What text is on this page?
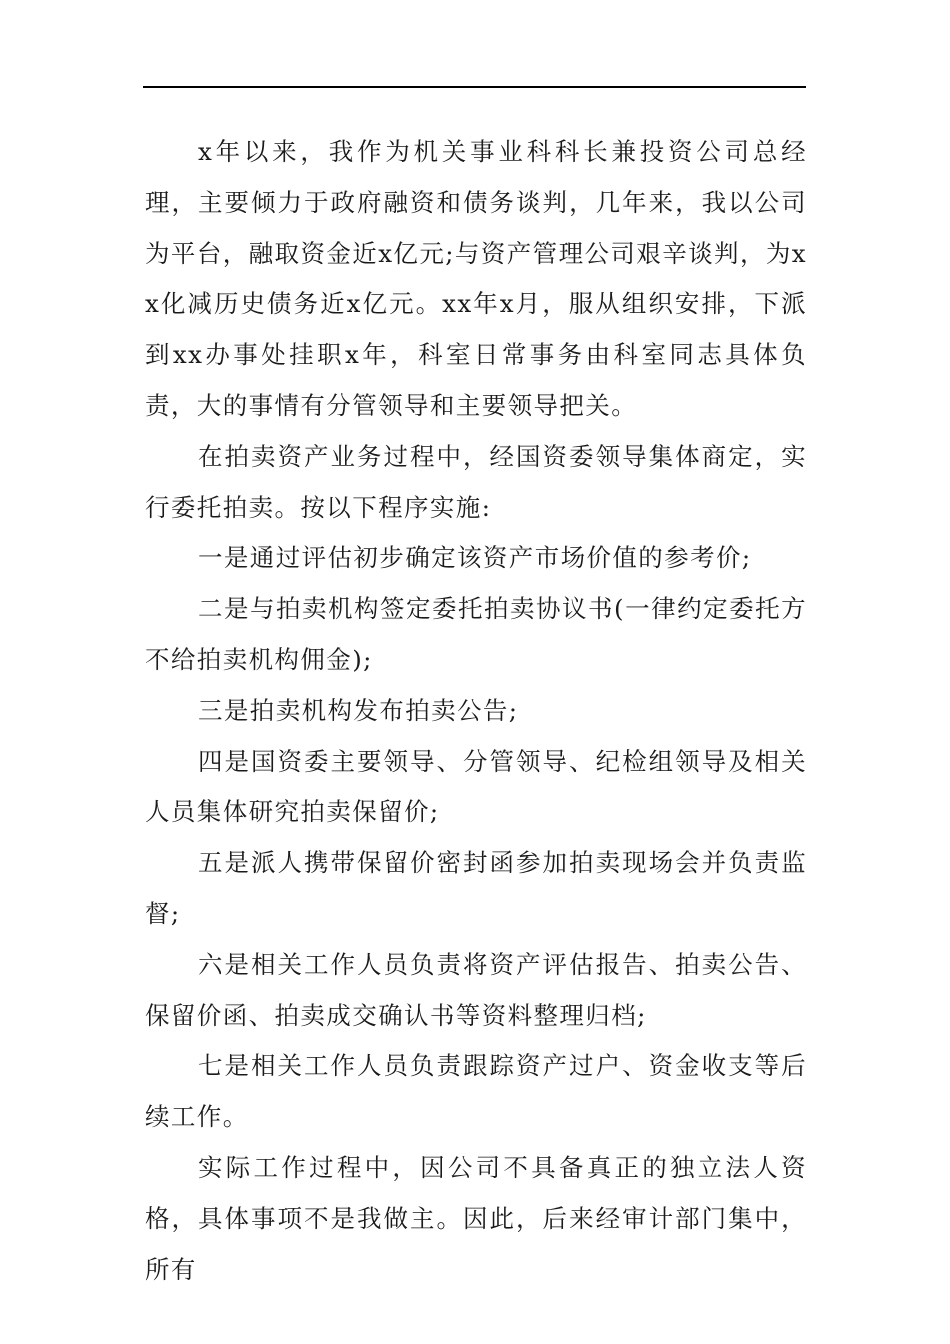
x年以来，我作为机关事业科科长兼投资公司总经理，主要倾力于政府融资和债务谈判，几年来，我以公司为平台，融取资金近x亿元;与资产管理公司艰辛谈判，为xx化减历史债务近x亿元。xx年x月，服从组织安排，下派到xx办事处挂职x年，科室日常事务由科室同志具体负责，大的事情有分管领导和主要领导把关。

在拍卖资产业务过程中，经国资委领导集体商定，实行委托拍卖。按以下程序实施:

一是通过评估初步确定该资产市场价值的参考价;

二是与拍卖机构签定委托拍卖协议书(一律约定委托方不给拍卖机构佣金);

三是拍卖机构发布拍卖公告;

四是国资委主要领导、分管领导、纪检组领导及相关人员集体研究拍卖保留价;

五是派人携带保留价密封函参加拍卖现场会并负责监督;

六是相关工作人员负责将资产评估报告、拍卖公告、保留价函、拍卖成交确认书等资料整理归档;

七是相关工作人员负责跟踪资产过户、资金收支等后续工作。

实际工作过程中，因公司不具备真正的独立法人资格，具体事项不是我做主。因此，后来经审计部门集中，所有
